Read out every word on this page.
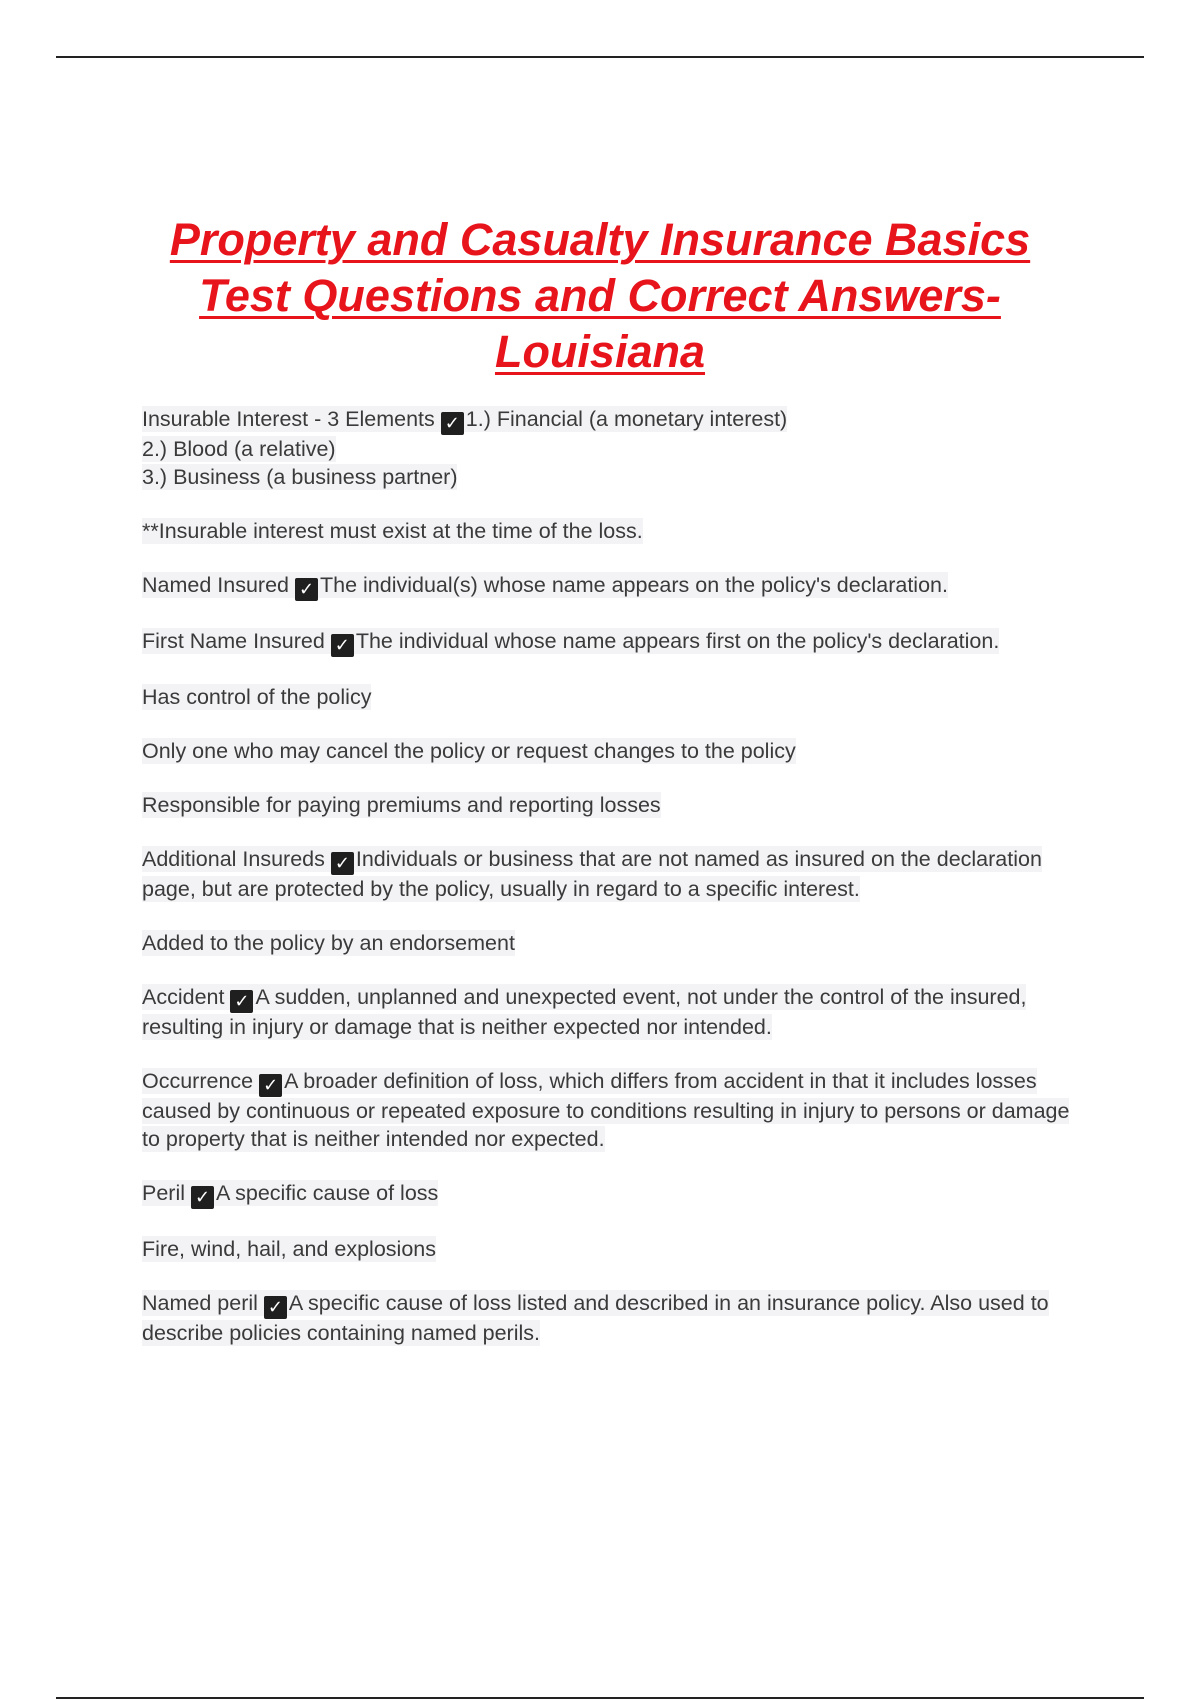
Property and Casualty Insurance Basics
Test Questions and Correct Answers-
Louisiana
Insurable Interest - 3 Elements ✓ 1.) Financial (a monetary interest)
2.) Blood (a relative)
3.) Business (a business partner)
**Insurable interest must exist at the time of the loss.
Named Insured ✓ The individual(s) whose name appears on the policy's declaration.
First Name Insured ✓ The individual whose name appears first on the policy's declaration.
Has control of the policy
Only one who may cancel the policy or request changes to the policy
Responsible for paying premiums and reporting losses
Additional Insureds ✓ Individuals or business that are not named as insured on the declaration page, but are protected by the policy, usually in regard to a specific interest.
Added to the policy by an endorsement
Accident ✓ A sudden, unplanned and unexpected event, not under the control of the insured, resulting in injury or damage that is neither expected nor intended.
Occurrence ✓ A broader definition of loss, which differs from accident in that it includes losses caused by continuous or repeated exposure to conditions resulting in injury to persons or damage to property that is neither intended nor expected.
Peril ✓ A specific cause of loss
Fire, wind, hail, and explosions
Named peril ✓ A specific cause of loss listed and described in an insurance policy. Also used to describe policies containing named perils.
